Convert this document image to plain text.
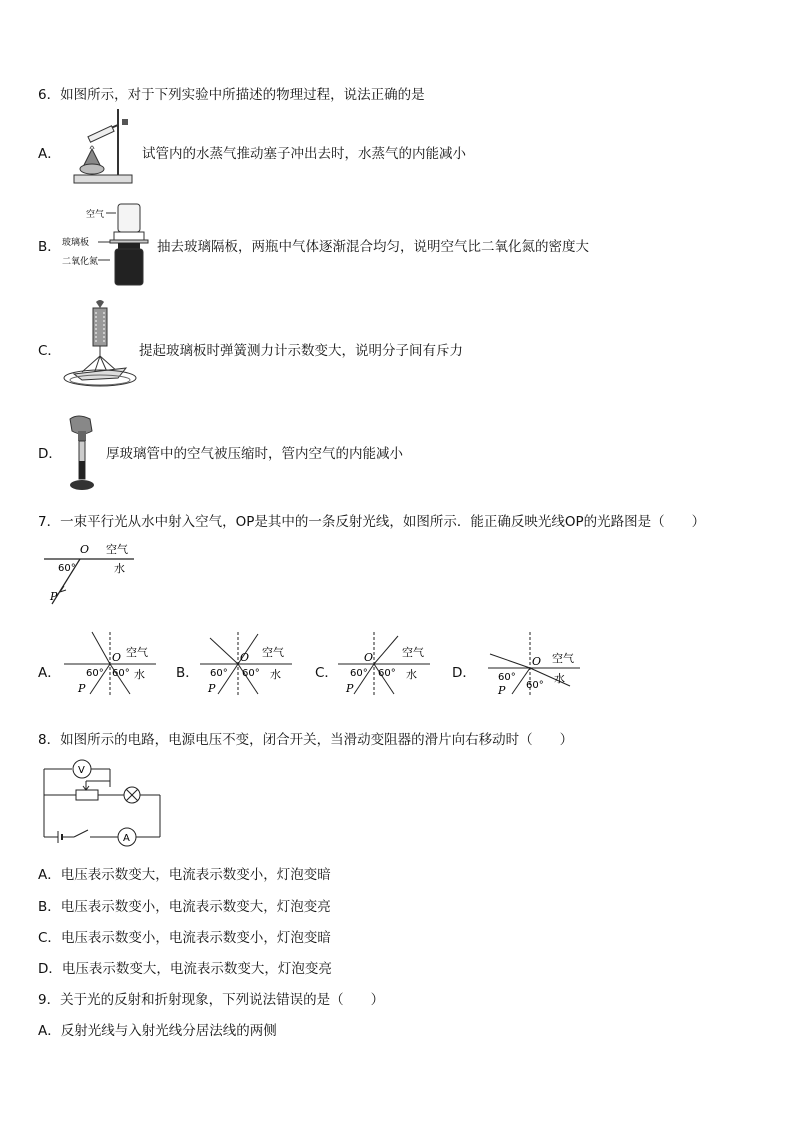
6．如图所示，对于下列实验中所描述的物理过程，说法正确的是
A．	试管内的水蒸气推动塞子冲出去时，水蒸气的内能减小
B．
空气
玻璃板
二氧化氮
抽去玻璃隔板，两瓶中气体逐渐混合均匀，说明空气比二氧化氮的密度大
C．	提起玻璃板时弹簧测力计示数变大，说明分子间有斥力
D．	厚玻璃管中的空气被压缩时，管内空气的内能减小
7．一束平行光从水中射入空气，OP是其中的一条反射光线，如图所示．能正确反映光线OP的光路图是（　　）
O 空气
水
60°
P
A．
O 空气
水
60° 60°
P
B．
O 空气
水
60° 60°
P
C．
O	空气
水
60° 60°
P
D．
O 空气
水
60°
60°
P
8．如图所示的电路，电源电压不变，闭合开关，当滑动变阻器的滑片向右移动时（　　）
V
A
A．电压表示数变大，电流表示数变小，灯泡变暗
B．电压表示数变小，电流表示数变大，灯泡变亮
C．电压表示数变小，电流表示数变小，灯泡变暗
D．电压表示数变大，电流表示数变大，灯泡变亮
9．关于光的反射和折射现象，下列说法错误的是（　　）
A．反射光线与入射光线分居法线的两侧
